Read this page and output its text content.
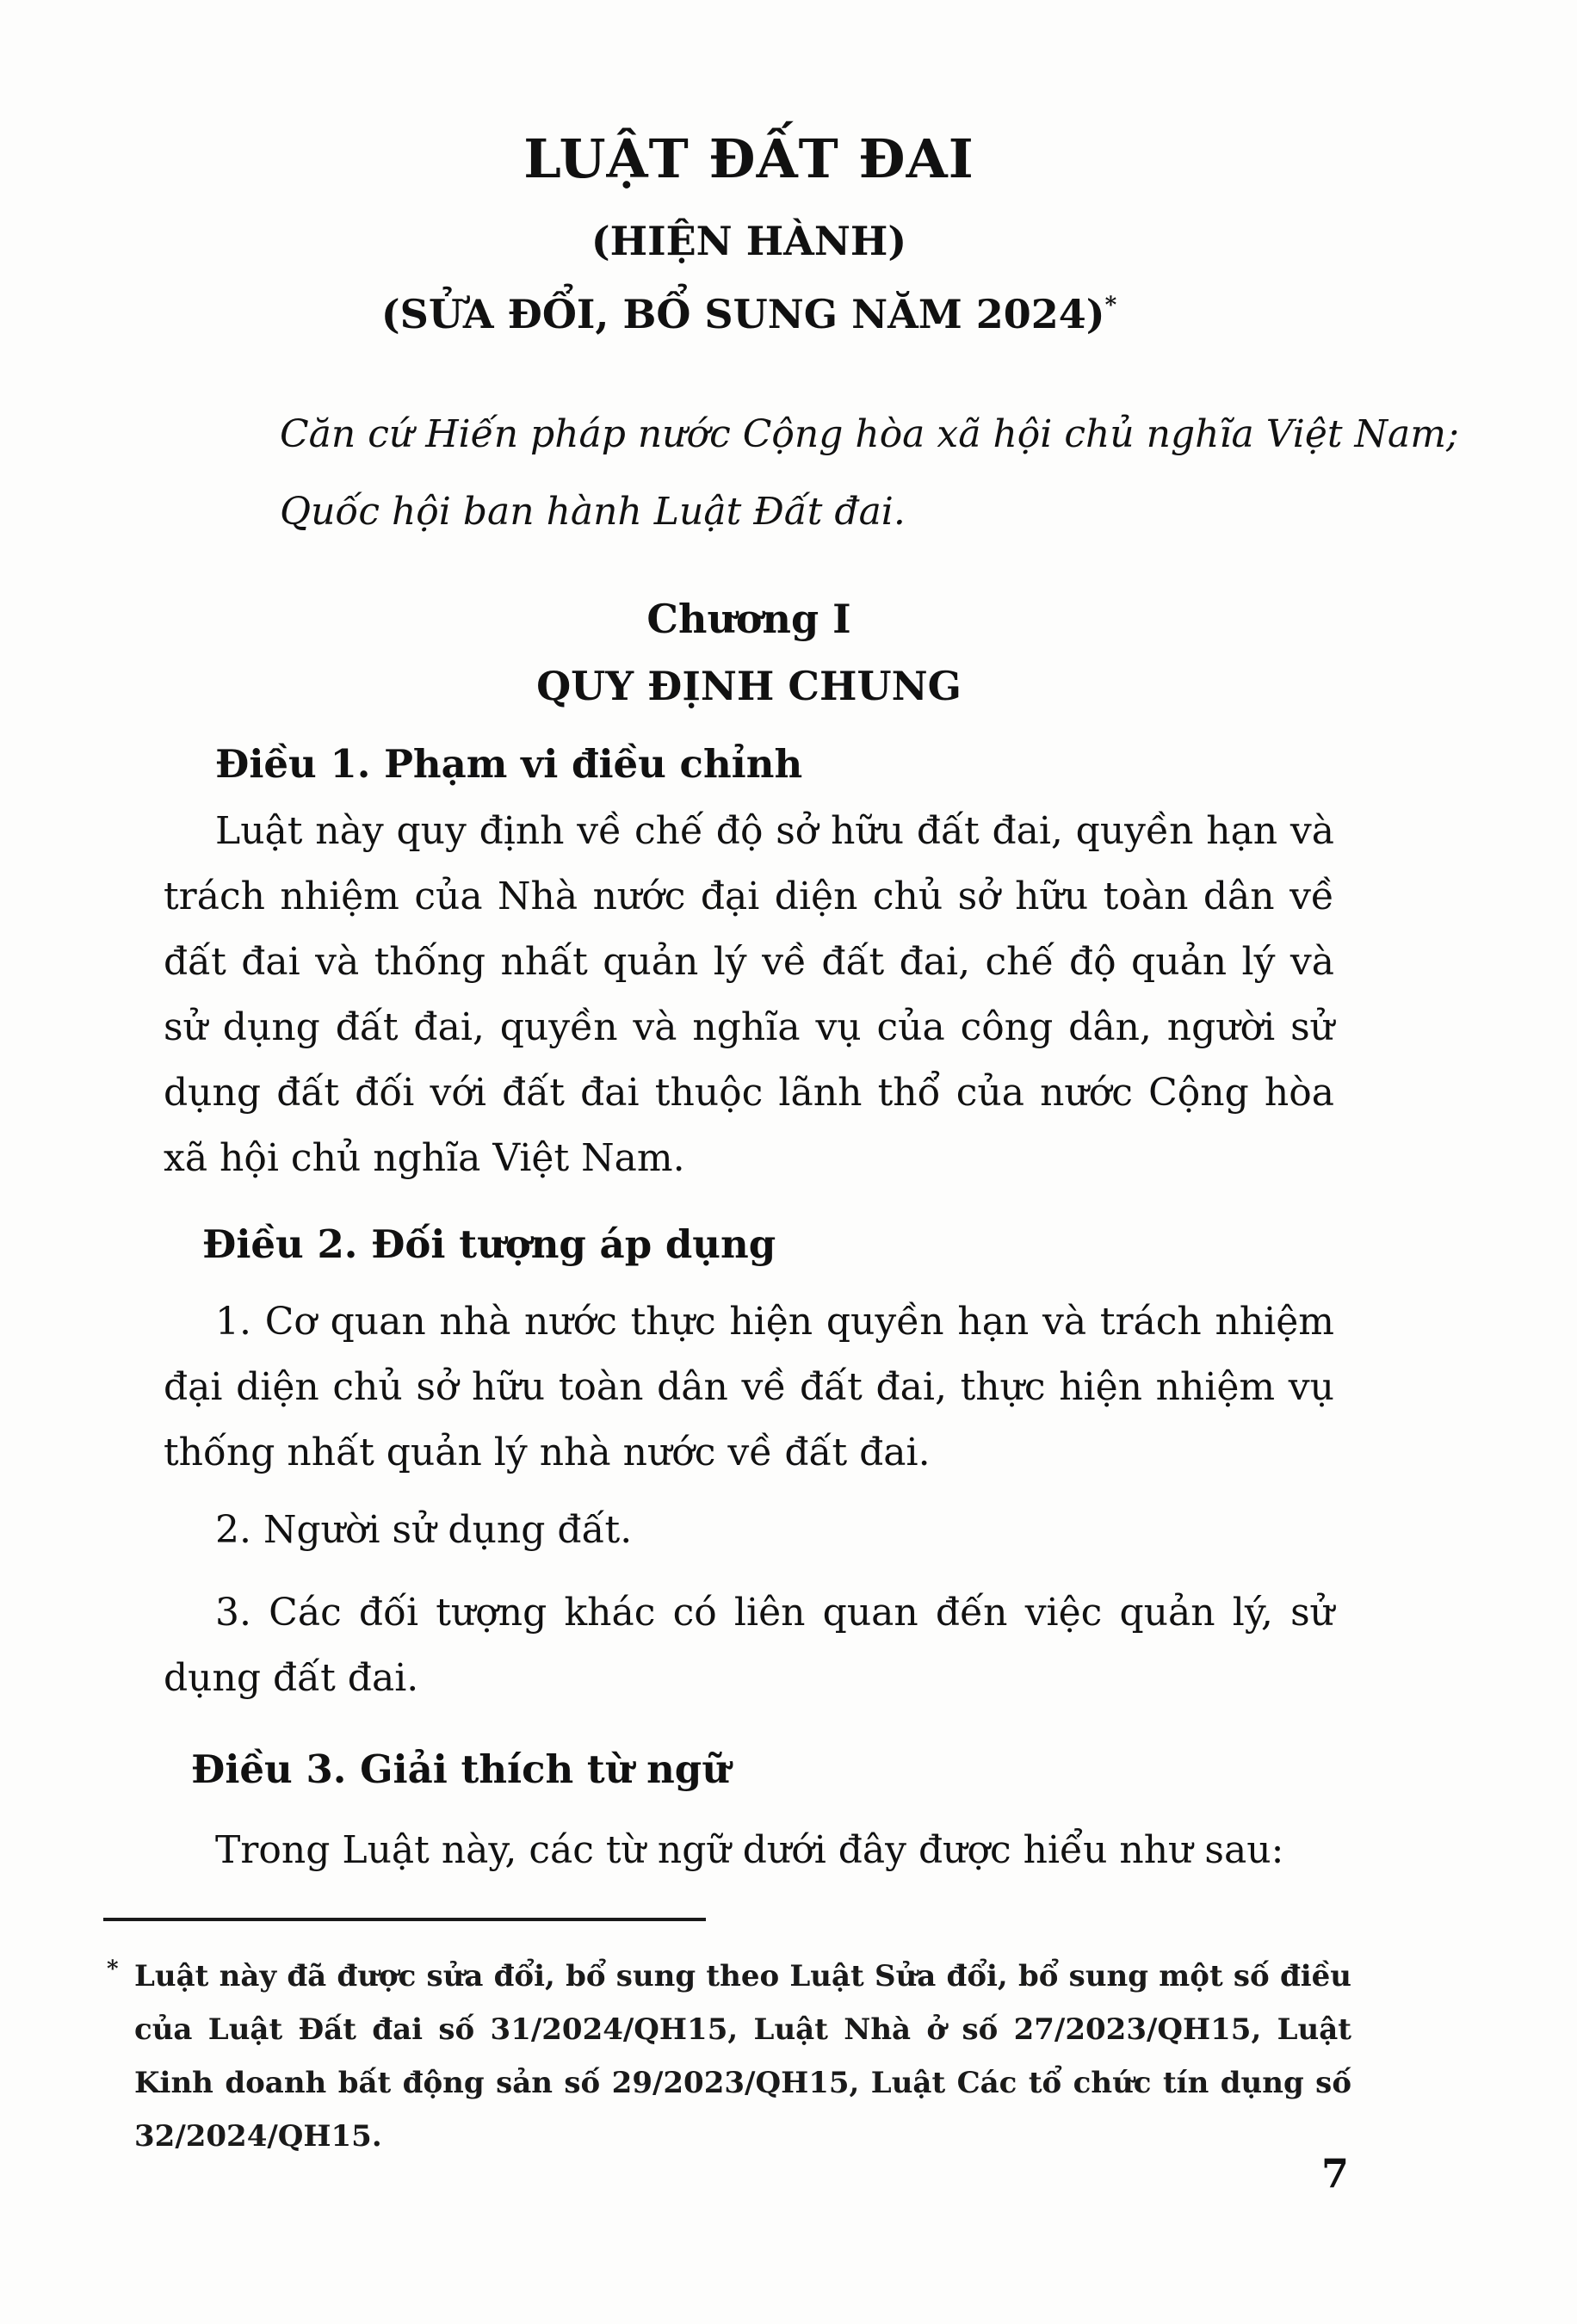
LUẬT ĐẤT ĐAI
(HIỆN HÀNH)
(SỬA ĐỔI, BỔ SUNG NĂM 2024)*
Căn cứ Hiến pháp nước Cộng hòa xã hội chủ nghĩa Việt Nam;
Quốc hội ban hành Luật Đất đai.
Chương I
QUY ĐỊNH CHUNG
Điều 1. Phạm vi điều chỉnh
Luật này quy định về chế độ sở hữu đất đai, quyền hạn và trách nhiệm của Nhà nước đại diện chủ sở hữu toàn dân về đất đai và thống nhất quản lý về đất đai, chế độ quản lý và sử dụng đất đai, quyền và nghĩa vụ của công dân, người sử dụng đất đối với đất đai thuộc lãnh thổ của nước Cộng hòa xã hội chủ nghĩa Việt Nam.
Điều 2. Đối tượng áp dụng
1. Cơ quan nhà nước thực hiện quyền hạn và trách nhiệm đại diện chủ sở hữu toàn dân về đất đai, thực hiện nhiệm vụ thống nhất quản lý nhà nước về đất đai.
2. Người sử dụng đất.
3. Các đối tượng khác có liên quan đến việc quản lý, sử dụng đất đai.
Điều 3. Giải thích từ ngữ
Trong Luật này, các từ ngữ dưới đây được hiểu như sau:
* Luật này đã được sửa đổi, bổ sung theo Luật Sửa đổi, bổ sung một số điều của Luật Đất đai số 31/2024/QH15, Luật Nhà ở số 27/2023/QH15, Luật Kinh doanh bất động sản số 29/2023/QH15, Luật Các tổ chức tín dụng số 32/2024/QH15.
7
